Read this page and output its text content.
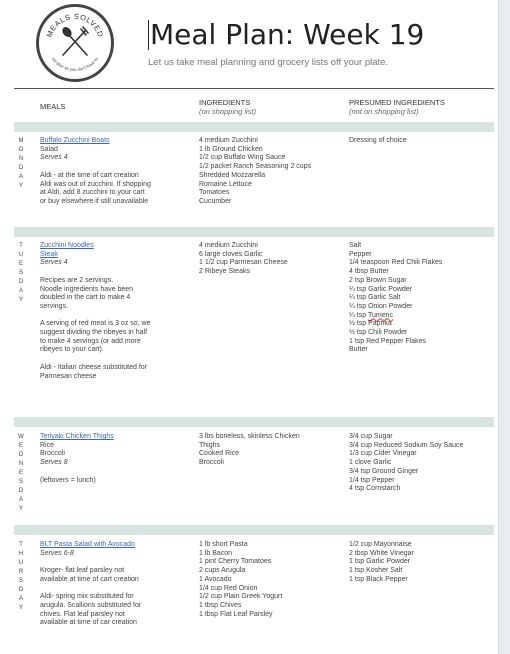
MEALS SOLVED
we plan so you don't have to
Meal Plan: Week 19
Let us take meal planning and grocery lists off your plate.
MEALS	INGREDIENTS
(on shopping list)
PRESUMED INGREDIENTS
(not on shopping list)
M
O
N
D
A
Y
Buffalo Zucchini Boats
Salad
Serves 4
Aldi - at the time of cart creation
Aldi was out of zucchini. If shopping
at Aldi, add 8 zucchini to your cart
or buy elsewhere if still unavailable
4 medium Zucchini
1 lb Ground Chicken
1/2 cup Buffalo Wing Sauce
1/2 packet Ranch Seasoning 2 cups
Shredded Mozzarella
Romaine Lettuce
Tomatoes
Cucumber
Dressing of choice
T
U
E
S
D
A
Y
Zucchini Noodles
Steak
Serves 4
Recipes are 2 servings.
Noodle ingredients have been
doubled in the cart to make 4
servings.
A serving of red meat is 3 oz so, we
suggest dividing the ribeyes in half
to make 4 servings (or add more
ribeyes to your cart).
Aldi - Italian cheese substituted for
Parmesan cheese
4 medium Zucchini
6 large cloves Garlic
1 1/2 cup Parmesan Cheese
2 Ribeye Steaks
Salt
Pepper
1/4 teaspoon Red Chili Flakes
4 tbsp Butter
2 tsp Brown Sugar
¼ tsp Garlic Powder
¼ tsp Garlic Salt
¼ tsp Onion Powder
¼ tsp Tumeric
½ tsp Paprika
½ tsp Chili Powder
1 tsp Red Pepper Flakes
Butter
W
E
D
N
E
S
D
A
Y
Teriyaki Chicken Thighs
Rice
Broccoli
Serves 8
(leftovers = lunch)
3 lbs boneless, skinless Chicken
Thighs
Cooked Rice
Broccoli
3/4 cup Sugar
3/4 cup Reduced Sodium Soy Sauce
1/3 cup Cider Vinegar
1 clove Garlic
3/4 tsp Ground Ginger
1/4 tsp Pepper
4 tsp Cornstarch
T
H
U
R
S
D
A
Y
BLT Pasta Salad with Avocado
Serves 6-8
Kroger- flat leaf parsley not
available at time of cart creation
Aldi- spring mix substituted for
arugula. Scallions substituted for
chives. Flat leaf parsley not
available at time of car creation
1 lb short Pasta
1 lb Bacon
1 pint Cherry Tomatoes
2 cups Arugula
1 Avocado
1/4 cup Red Onion
1/2 cup Plain Greek Yogurt
1 tbsp Chives
1 tbsp Flat Leaf Parsley
1/2 cup Mayonnaise
2 tbsp White Vinegar
1 tsp Garlic Powder
1 tsp Kosher Salt
1 tsp Black Pepper
